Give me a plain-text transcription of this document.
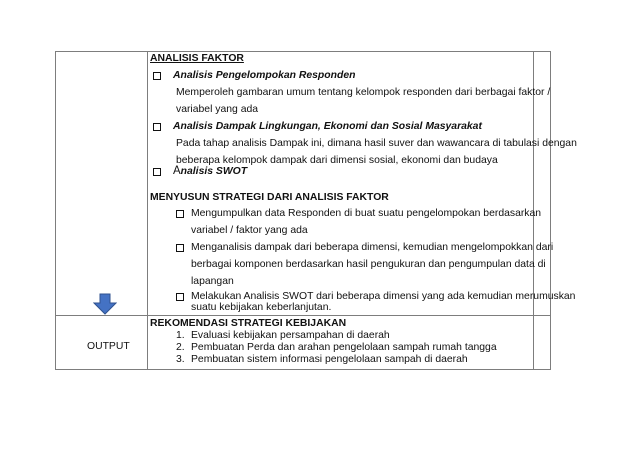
ANALISIS FAKTOR
Analisis Pengelompokan Responden
Memperoleh gambaran umum tentang kelompok responden dari berbagai faktor /
variabel yang ada
Analisis Dampak Lingkungan, Ekonomi dan Sosial Masyarakat
Pada tahap analisis Dampak ini, dimana hasil suver dan wawancara di tabulasi dengan
beberapa kelompok dampak dari dimensi sosial, ekonomi dan budaya
Analisis SWOT
MENYUSUN STRATEGI DARI ANALISIS FAKTOR
Mengumpulkan data Responden di buat suatu pengelompokan berdasarkan
variabel / faktor yang ada
Menganalisis dampak dari beberapa dimensi, kemudian mengelompokkan dari
berbagai komponen berdasarkan hasil pengukuran dan pengumpulan data di
lapangan
Melakukan Analisis SWOT dari beberapa dimensi yang ada kemudian merumuskan
suatu kebijakan keberlanjutan.
OUTPUT
REKOMENDASI STRATEGI KEBIJAKAN
1. Evaluasi kebijakan persampahan di daerah
2. Pembuatan Perda dan arahan pengelolaan sampah rumah tangga
3. Pembuatan sistem informasi pengelolaan sampah di daerah
